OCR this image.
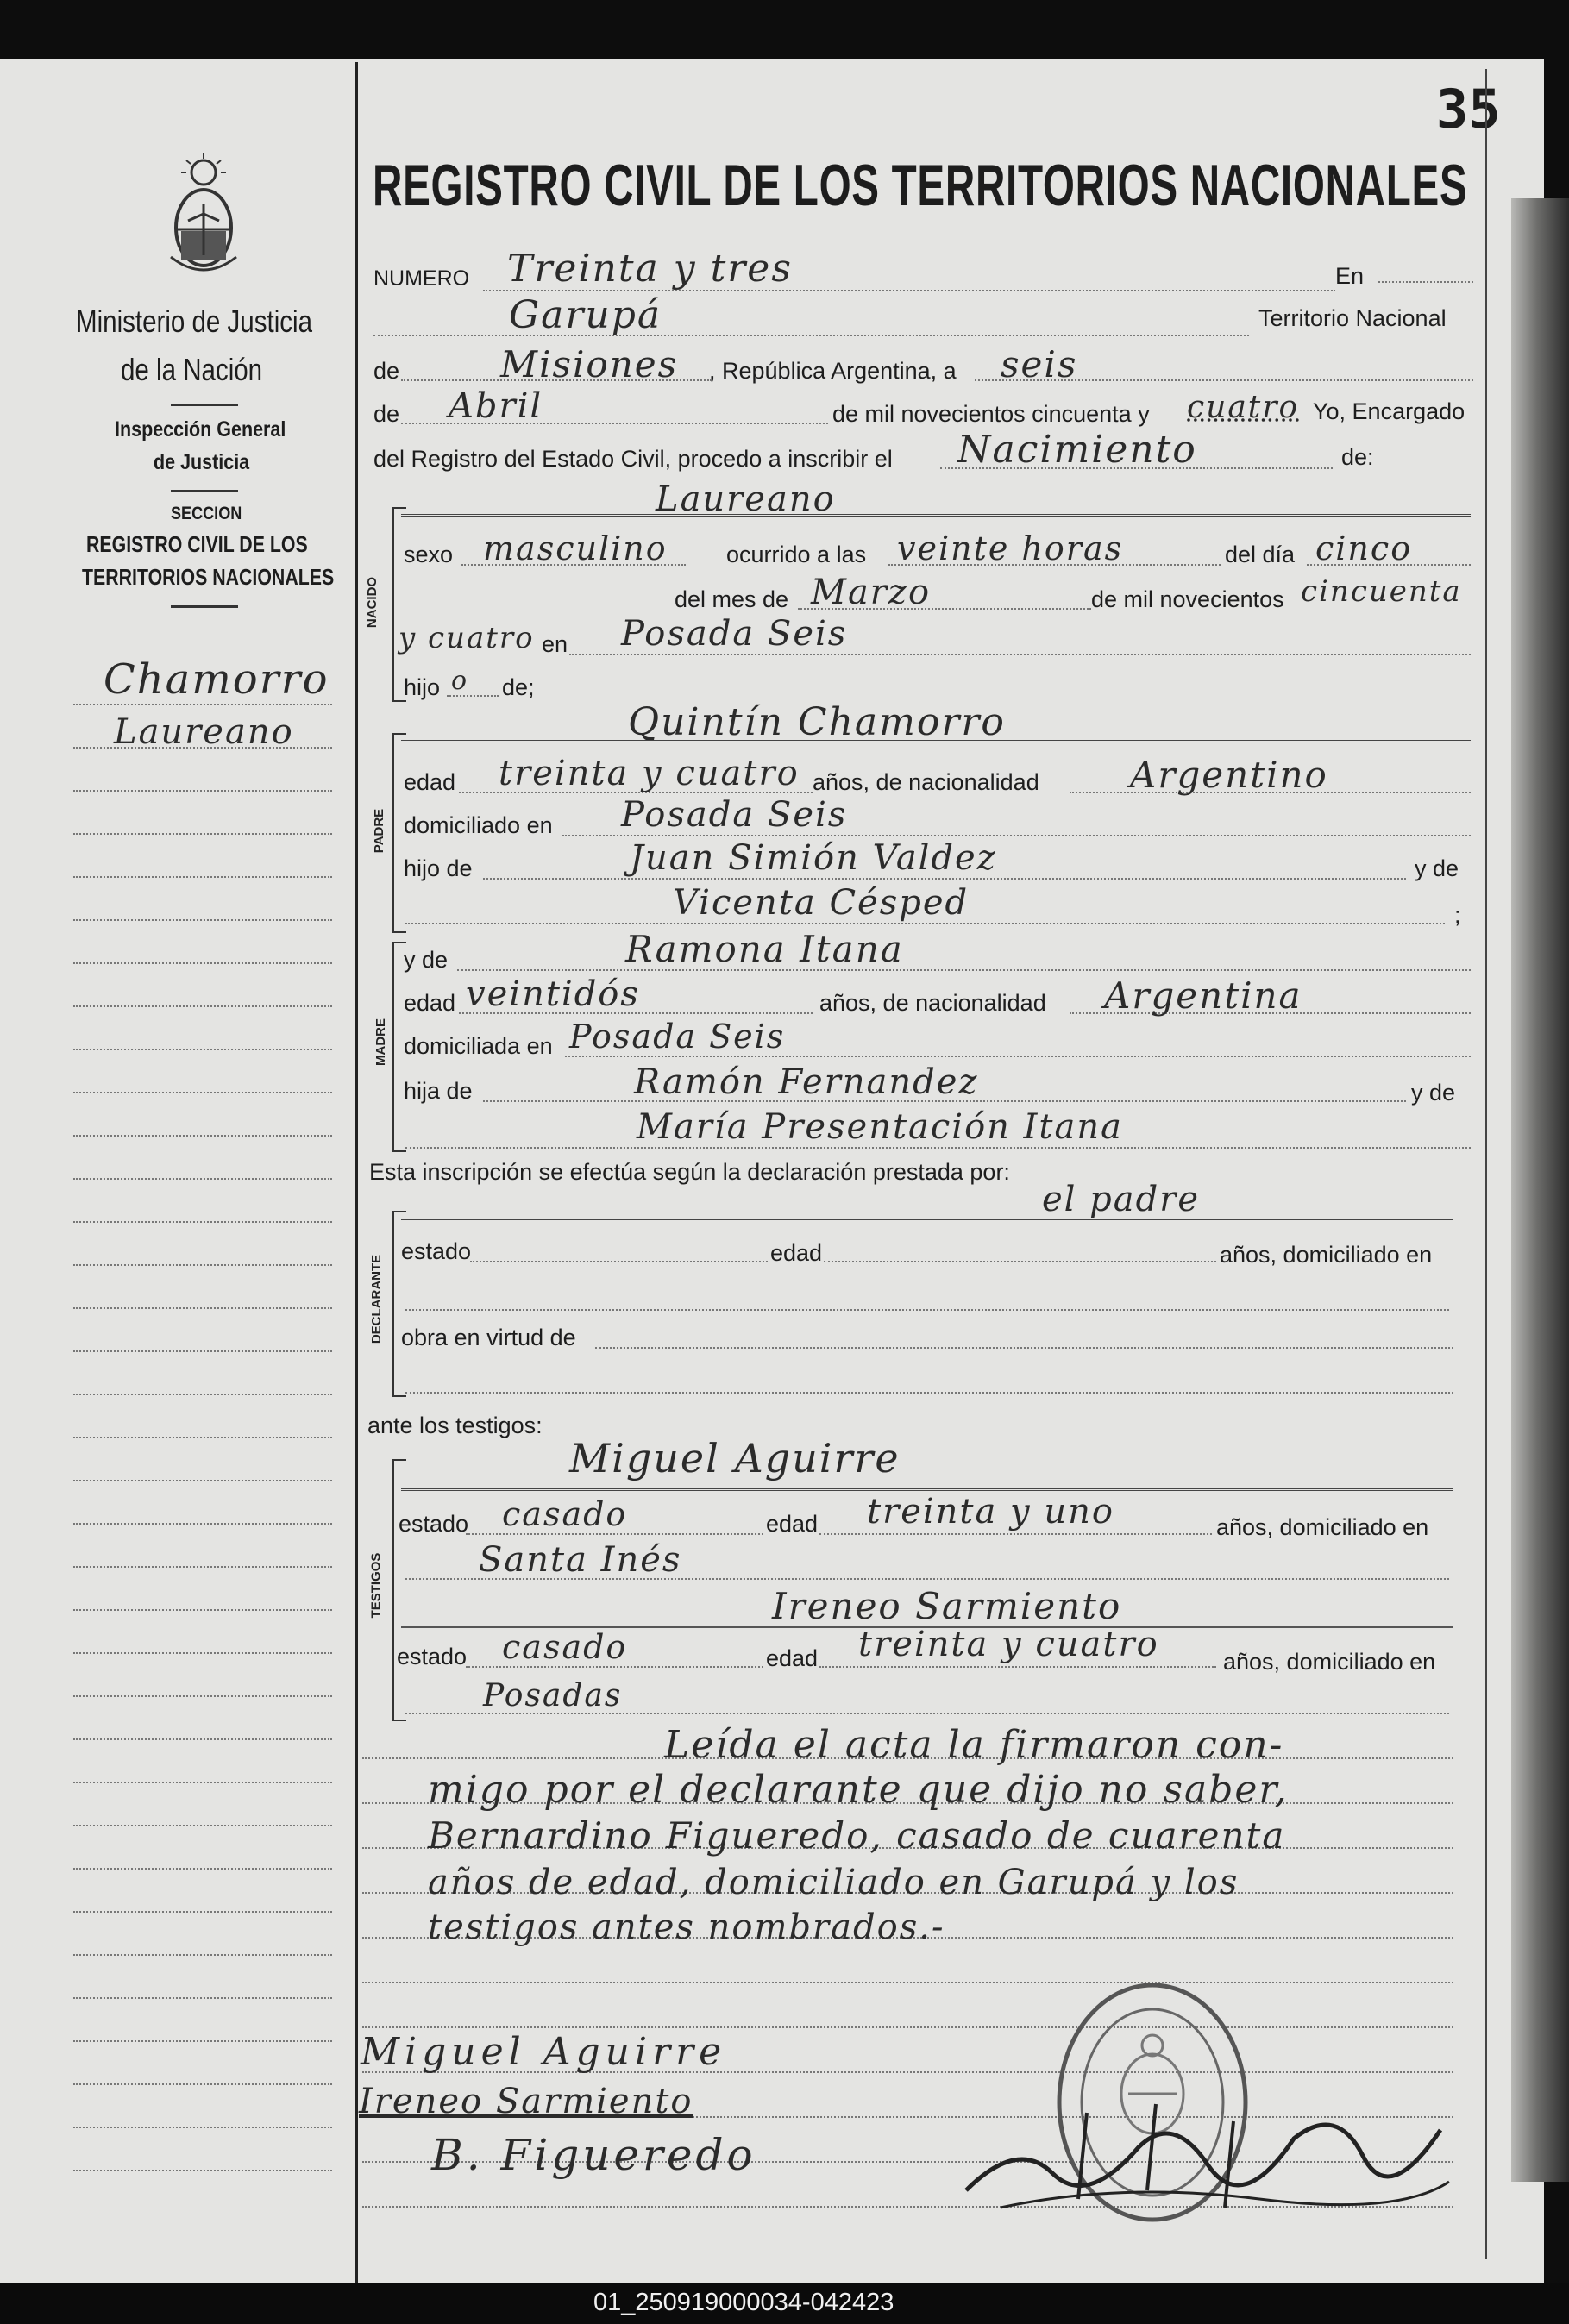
35
Ministerio de Justicia
de la Nación
Inspección General
de Justicia
SECCION
REGISTRO CIVIL DE LOS
TERRITORIOS NACIONALES
Chamorro
Laureano
REGISTRO CIVIL DE LOS TERRITORIOS NACIONALES
NUMERO Treinta y tres	En
Garupá	Territorio Nacional
de	Misiones , República Argentina, a seis
de Abril	de mil novecientos cincuenta y cuatro Yo, Encargado
del Registro del Estado Civil, procedo a inscribir el Nacimiento	de:
Laureano
NACIDO
sexo masculino	ocurrido a las veinte horas	del día cinco
del mes de Marzo	de mil novecientos cincuenta
y cuatro en Posada Seis
hijo o de;
Quintín Chamorro
PADRE
edad treinta y cuatro años, de nacionalidad	Argentino
domiciliado en Posada Seis
hijo de	Juan Simión Valdez	y de
Vicenta Césped	;
MADRE
y de	Ramona Itana
edad veintidós	años, de nacionalidad Argentina
domiciliada en Posada Seis
hija de	Ramón Fernandez	y de
María Presentación Itana
Esta inscripción se efectúa según la declaración prestada por:
el padre
DECLARANTE
estado	edad	años, domiciliado en
obra en virtud de
ante los testigos:
Miguel Aguirre
TESTIGOS
estado casado	edad treinta y uno	años, domiciliado en
Santa Inés
Ireneo Sarmiento
estado casado	edad treinta y cuatro	años, domiciliado en
Posadas
Leída el acta la firmaron con-
migo por el declarante que dijo no saber,
Bernardino Figueredo, casado de cuarenta
años de edad, domiciliado en Garupá y los
testigos antes nombrados.-
Miguel Aguirre
Ireneo Sarmiento
B. Figueredo
01_250919000034-042423
